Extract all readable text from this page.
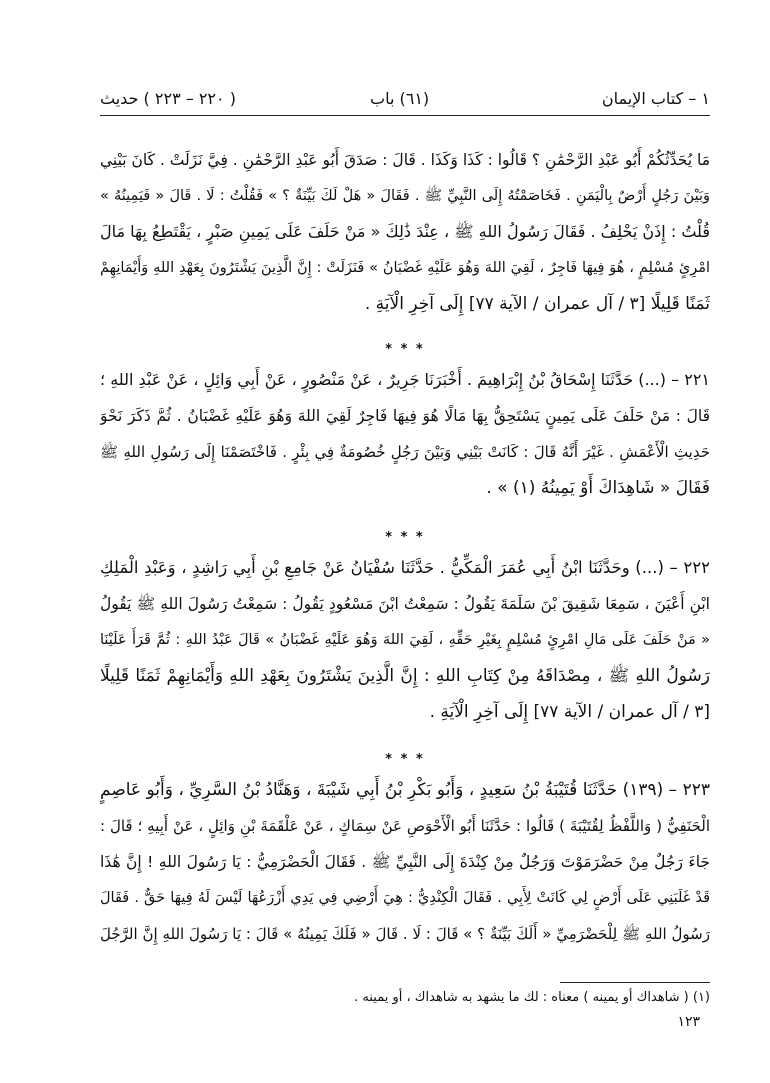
١ – كتاب الإيمان
(٦١) باب
( ٢٢٠ – ٢٢٣ ) حديث
مَا يُحَدِّثُكُمْ أَبُو عَبْدِ الرَّحْمَٰنِ ؟ قَالُوا : كَذَا وَكَذَا . قَالَ : صَدَقَ أَبُو عَبْدِ الرَّحْمَٰنِ . فِيَّ نَزَلَتْ . كَانَ بَيْنِي
وَبَيْنَ رَجُلٍ أَرْضٌ بِالْيَمَنِ . فَخَاصَمْتُهُ إِلَى النَّبِيِّ ﷺ . فَقَالَ « هَلْ لَكَ بَيِّنَةٌ ؟ » فَقُلْتُ : لَا . قَالَ « فَيَمِينُهُ »
قُلْتُ : إِذَنْ يَحْلِفُ . فَقَالَ رَسُولُ اللهِ ﷺ ، عِنْدَ ذَٰلِكَ « مَنْ حَلَفَ عَلَى يَمِينِ صَبْرٍ ، يَقْتَطِعُ بِهَا مَالَ
امْرِئٍ مُسْلِمٍ ، هُوَ فِيهَا فَاجِرٌ ، لَقِيَ اللهَ وَهُوَ عَلَيْهِ غَضْبَانُ » فَنَزَلَتْ : إِنَّ الَّذِينَ يَشْتَرُونَ بِعَهْدِ اللهِ وَأَيْمَانِهِمْ
ثَمَنًا قَلِيلًا [٣ / آل عمران / الآية ٧٧] إِلَى آخِرِ الْآيَةِ .
* * *
٢٢١ – (...) حَدَّثَنَا إِسْحَاقُ بْنُ إِبْرَاهِيمَ . أَخْبَرَنَا جَرِيرٌ ، عَنْ مَنْصُورٍ ، عَنْ أَبِي وَائِلٍ ، عَنْ عَبْدِ اللهِ ؛
قَالَ : مَنْ حَلَفَ عَلَى يَمِينٍ يَسْتَحِقُّ بِهَا مَالًا هُوَ فِيهَا فَاجِرٌ لَقِيَ اللهَ وَهُوَ عَلَيْهِ غَضْبَانُ . ثُمَّ ذَكَرَ نَحْوَ
حَدِيثِ الْأَعْمَشِ . غَيْرَ أَنَّهُ قَالَ : كَانَتْ بَيْنِي وَبَيْنَ رَجُلٍ خُصُومَةٌ فِي بِئْرٍ . فَاخْتَصَمْنَا إِلَى رَسُولِ اللهِ ﷺ
فَقَالَ « شَاهِدَاكَ أَوْ يَمِينُهُ (١) » .
* * *
٢٢٢ – (...) وحَدَّثَنَا ابْنُ أَبِي عُمَرَ الْمَكِّيُّ . حَدَّثَنَا سُفْيَانُ عَنْ جَامِعِ بْنِ أَبِي رَاشِدٍ ، وَعَبْدِ الْمَلِكِ
ابْنِ أَعْيَنَ ، سَمِعَا شَقِيقَ بْنَ سَلَمَةَ يَقُولُ : سَمِعْتُ ابْنَ مَسْعُودٍ يَقُولُ : سَمِعْتُ رَسُولَ اللهِ ﷺ يَقُولُ
« مَنْ حَلَفَ عَلَى مَالِ امْرِئٍ مُسْلِمٍ بِغَيْرِ حَقِّهِ ، لَقِيَ اللهَ وَهُوَ عَلَيْهِ غَضْبَانُ » قَالَ عَبْدُ اللهِ : ثُمَّ قَرَأَ عَلَيْنَا
رَسُولُ اللهِ ﷺ ، مِصْدَاقَهُ مِنْ كِتَابِ اللهِ : إِنَّ الَّذِينَ يَشْتَرُونَ بِعَهْدِ اللهِ وَأَيْمَانِهِمْ ثَمَنًا قَلِيلًا
[٣ / آل عمران / الآية ٧٧] إِلَى آخِرِ الْآيَةِ .
* * *
٢٢٣ – (١٣٩) حَدَّثَنَا قُتَيْبَةُ بْنُ سَعِيدٍ ، وَأَبُو بَكْرِ بْنُ أَبِي شَيْبَةَ ، وَهَنَّادُ بْنُ السَّرِيِّ ، وَأَبُو عَاصِمٍ
الْحَنَفِيُّ ( وَاللَّفْظُ لِقُتَيْبَةَ ) قَالُوا : حَدَّثَنَا أَبُو الْأَحْوَصِ عَنْ سِمَاكٍ ، عَنْ عَلْقَمَةَ بْنِ وَائِلٍ ، عَنْ أَبِيهِ ؛ قَالَ :
جَاءَ رَجُلٌ مِنْ حَضْرَمَوْتَ وَرَجُلٌ مِنْ كِنْدَةَ إِلَى النَّبِيِّ ﷺ . فَقَالَ الْحَضْرَمِيُّ : يَا رَسُولَ اللهِ ! إِنَّ هَٰذَا
قَدْ غَلَبَنِي عَلَى أَرْضٍ لِي كَانَتْ لِأَبِي . فَقَالَ الْكِنْدِيُّ : هِيَ أَرْضِي فِي يَدِي أَزْرَعُهَا لَيْسَ لَهُ فِيهَا حَقٌّ . فَقَالَ
رَسُولُ اللهِ ﷺ لِلْحَضْرَمِيِّ « أَلَكَ بَيِّنَةٌ ؟ » قَالَ : لَا . قَالَ « فَلَكَ يَمِينُهُ » قَالَ : يَا رَسُولَ اللهِ إِنَّ الرَّجُلَ
(١) ( شاهداك أو يمينه ) معناه : لك ما يشهد به شاهداك ، أو يمينه .
١٢٣
